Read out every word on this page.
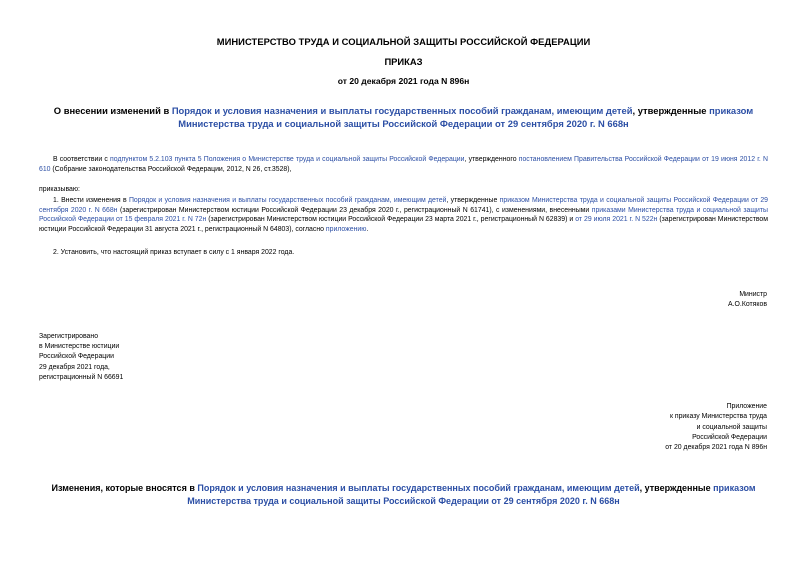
МИНИСТЕРСТВО ТРУДА И СОЦИАЛЬНОЙ ЗАЩИТЫ РОССИЙСКОЙ ФЕДЕРАЦИИ
ПРИКАЗ
от 20 декабря 2021 года N 896н
О внесении изменений в Порядок и условия назначения и выплаты государственных пособий гражданам, имеющим детей, утвержденные приказом Министерства труда и социальной защиты Российской Федерации от 29 сентября 2020 г. N 668н
В соответствии с подпунктом 5.2.103 пункта 5 Положения о Министерстве труда и социальной защиты Российской Федерации, утвержденного постановлением Правительства Российской Федерации от 19 июня 2012 г. N 610 (Собрание законодательства Российской Федерации, 2012, N 26, ст.3528),
приказываю:
1. Внести изменения в Порядок и условия назначения и выплаты государственных пособий гражданам, имеющим детей, утвержденные приказом Министерства труда и социальной защиты Российской Федерации от 29 сентября 2020 г. N 668н (зарегистрирован Министерством юстиции Российской Федерации 23 декабря 2020 г., регистрационный N 61741), с изменениями, внесенными приказами Министерства труда и социальной защиты Российской Федерации от 15 февраля 2021 г. N 72н (зарегистрирован Министерством юстиции Российской Федерации 23 марта 2021 г., регистрационный N 62839) и от 29 июля 2021 г. N 522н (зарегистрирован Министерством юстиции Российской Федерации 31 августа 2021 г., регистрационный N 64803), согласно приложению.
2. Установить, что настоящий приказ вступает в силу с 1 января 2022 года.
Министр
А.О.Котяков
Зарегистрировано
в Министерстве юстиции
Российской Федерации
29 декабря 2021 года,
регистрационный N 66691
Приложение
к приказу Министерства труда
и социальной защиты
Российской Федерации
от 20 декабря 2021 года N 896н
Изменения, которые вносятся в Порядок и условия назначения и выплаты государственных пособий гражданам, имеющим детей, утвержденные приказом Министерства труда и социальной защиты Российской Федерации от 29 сентября 2020 г. N 668н
